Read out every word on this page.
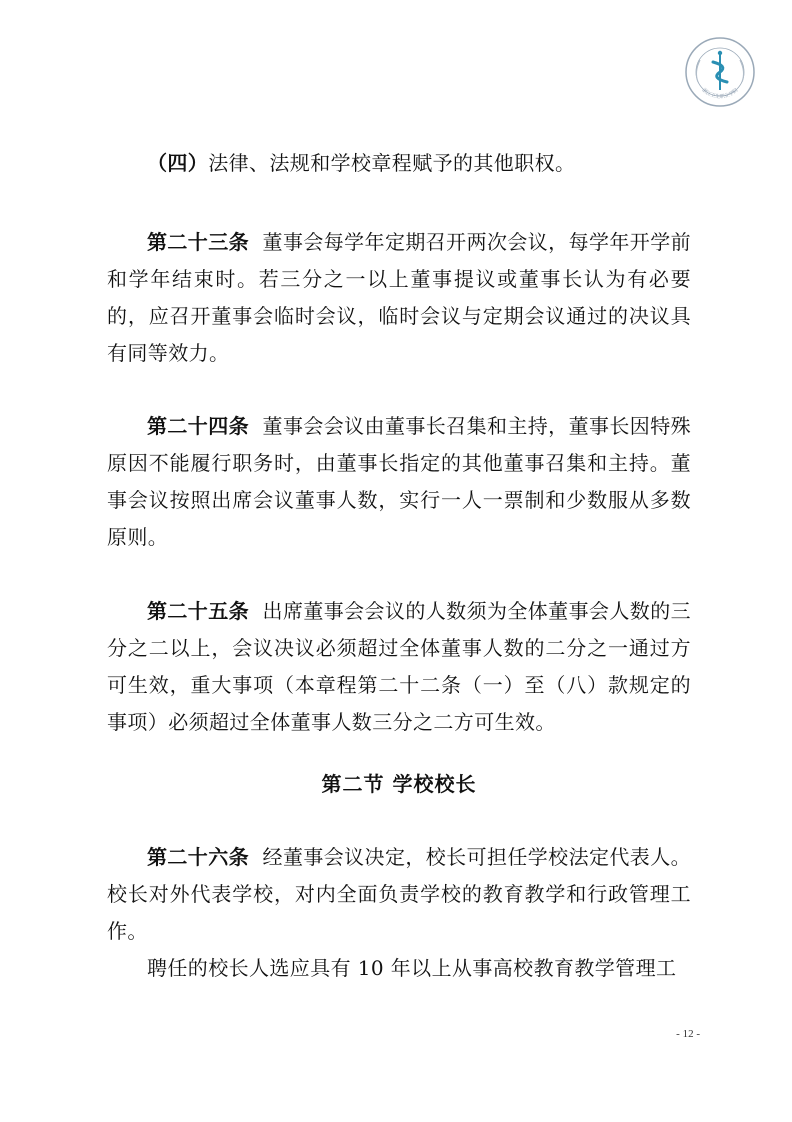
湛江卫生职业学院

（四）法律、法规和学校章程赋予的其他职权。

第二十三条 董事会每学年定期召开两次会议，每学年开学前和学年结束时。若三分之一以上董事提议或董事长认为有必要的，应召开董事会临时会议，临时会议与定期会议通过的决议具有同等效力。

第二十四条 董事会会议由董事长召集和主持，董事长因特殊原因不能履行职务时，由董事长指定的其他董事召集和主持。董事会议按照出席会议董事人数，实行一人一票制和少数服从多数原则。

第二十五条 出席董事会会议的人数须为全体董事会人数的三分之二以上，会议决议必须超过全体董事人数的二分之一通过方可生效，重大事项（本章程第二十二条（一）至（八）款规定的事项）必须超过全体董事人数三分之二方可生效。

第二节 学校校长

第二十六条 经董事会议决定，校长可担任学校法定代表人。校长对外代表学校，对内全面负责学校的教育教学和行政管理工作。

聘任的校长人选应具有 10 年以上从事高校教育教学管理工

- 12 -
